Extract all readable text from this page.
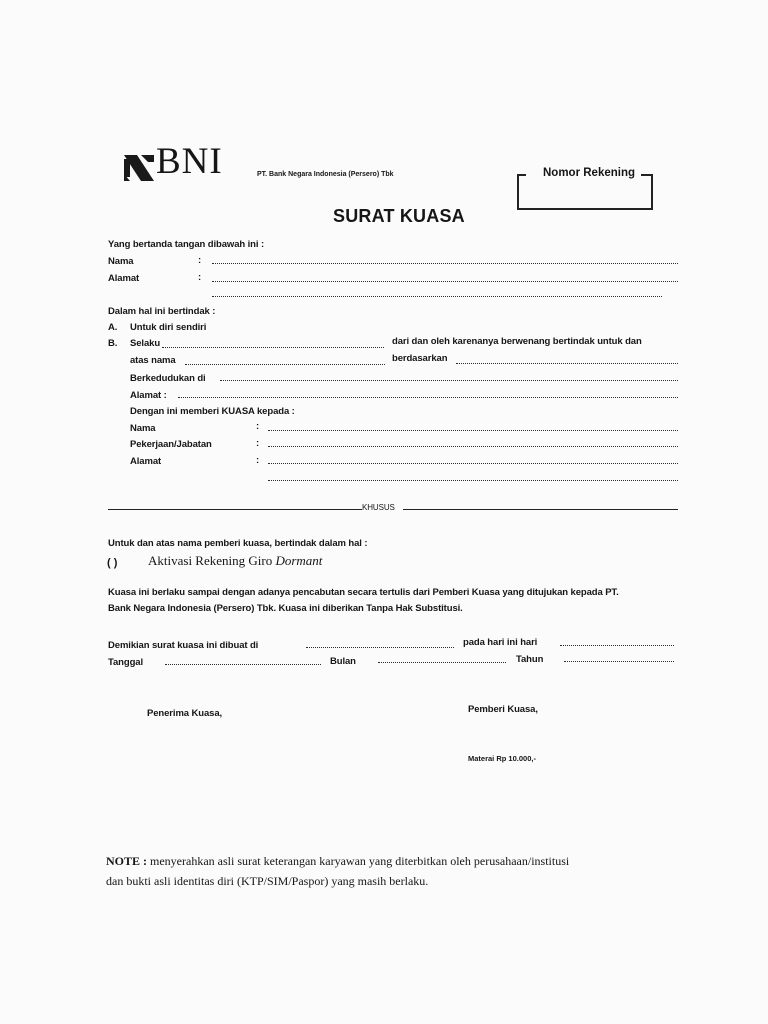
BNI	PT. Bank Negara Indonesia (Persero) Tbk	Nomor Rekening
SURAT KUASA
Yang bertanda tangan dibawah ini :
Nama	:
Alamat	:
Dalam hal ini bertindak :
A. Untuk diri sendiri
B. Selaku	dari dan oleh karenanya berwenang bertindak untuk dan
atas nama	berdasarkan
Berkedudukan di
Alamat :
Dengan ini memberi KUASA kepada :
Nama	:
Pekerjaan/Jabatan	:
Alamat	:
KHUSUS
Untuk dan atas nama pemberi kuasa, bertindak dalam hal :
( ) Aktivasi Rekening Giro Dormant
Kuasa ini berlaku sampai dengan adanya pencabutan secara tertulis dari Pemberi Kuasa yang ditujukan kepada PT.
Bank Negara Indonesia (Persero) Tbk. Kuasa ini diberikan Tanpa Hak Substitusi.
Demikian surat kuasa ini dibuat di	pada hari ini hari
Tanggal	Bulan	Tahun
Penerima Kuasa,	Pemberi Kuasa,
Materai Rp 10.000,-
NOTE : menyerahkan asli surat keterangan karyawan yang diterbitkan oleh perusahaan/institusi
dan bukti asli identitas diri (KTP/SIM/Paspor) yang masih berlaku.
